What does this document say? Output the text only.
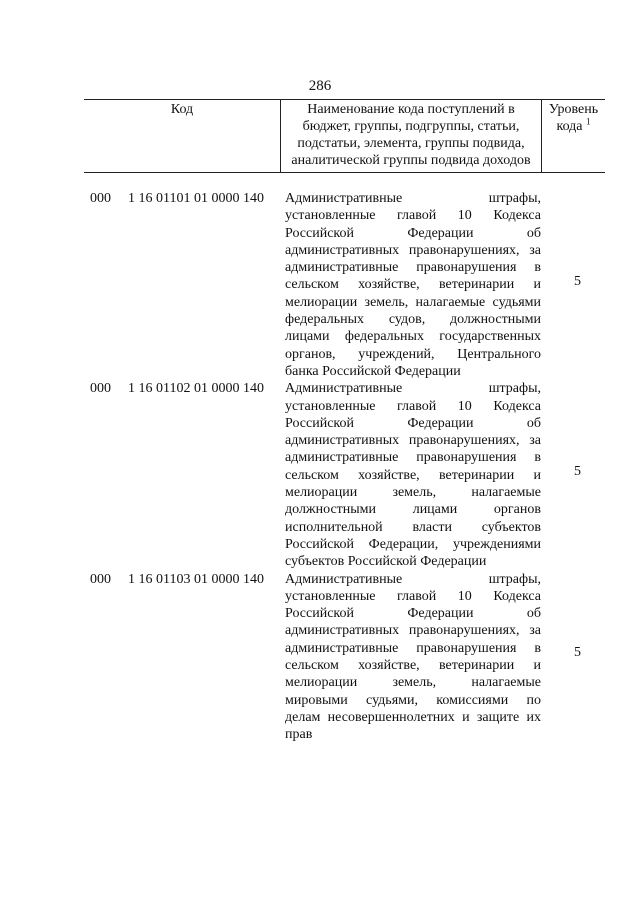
286
Код	Наименование кода поступлений в
бюджет, группы, подгруппы, статьи,
подстатьи, элемента, группы подвида,
аналитической группы подвида доходов
Уровень
кода $^1$
000 1 16 01101 01 0000 140 Административные штрафы,
установленные главой 10 Кодекса
Российской Федерации об
административных правонарушениях, за
административные правонарушения в
сельском хозяйстве, ветеринарии и
мелиорации земель, налагаемые судьями
федеральных судов, должностными
лицами федеральных государственных
органов, учреждений, Центрального
банка Российской Федерации
5
000 1 16 01102 01 0000 140 Административные штрафы,
установленные главой 10 Кодекса
Российской Федерации об
административных правонарушениях, за
административные правонарушения в
сельском хозяйстве, ветеринарии и
мелиорации земель, налагаемые
должностными лицами органов
исполнительной власти субъектов
Российской Федерации, учреждениями
субъектов Российской Федерации
5
000 1 16 01103 01 0000 140 Административные штрафы,
установленные главой 10 Кодекса
Российской Федерации об
административных правонарушениях, за
административные правонарушения в
сельском хозяйстве, ветеринарии и
мелиорации земель, налагаемые
мировыми судьями, комиссиями по
делам несовершеннолетних и защите их
прав
5
